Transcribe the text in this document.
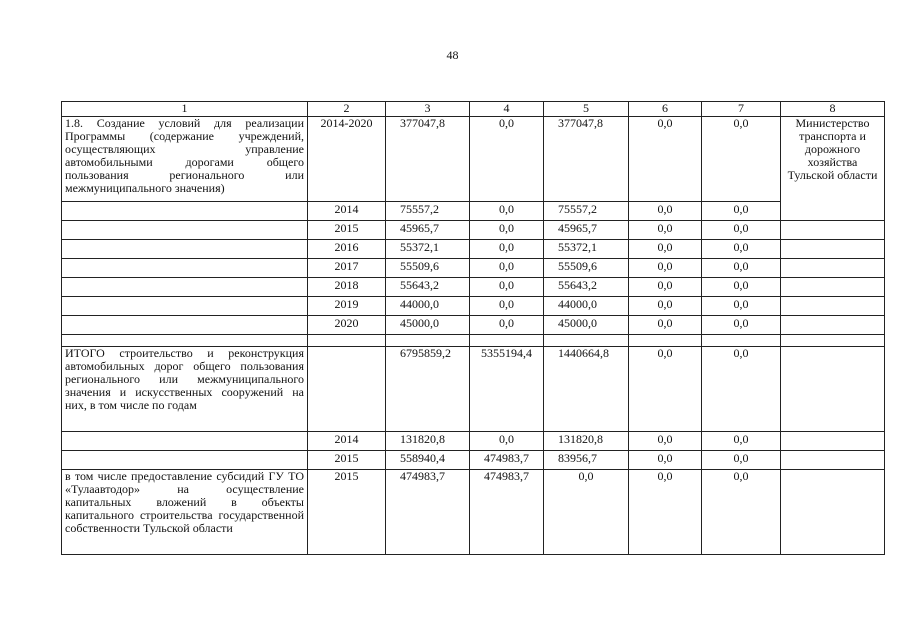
48
1	2	3	4	5	6	7	8
1.8. Создание условий для реализации Программы (содержание учреждений, осуществляющих управление автомобильными дорогами общего пользования регионального или межмуниципального значения)	2014-2020	377047,8	0,0	377047,8	0,0	0,0	Министерство транспорта и дорожного хозяйства Тульской области
	2014	75557,2	0,0	75557,2	0,0	0,0	
	2015	45965,7	0,0	45965,7	0,0	0,0	
	2016	55372,1	0,0	55372,1	0,0	0,0	
	2017	55509,6	0,0	55509,6	0,0	0,0	
	2018	55643,2	0,0	55643,2	0,0	0,0	
	2019	44000,0	0,0	44000,0	0,0	0,0	
	2020	45000,0	0,0	45000,0	0,0	0,0	

ИТОГО строительство и реконструкция автомобильных дорог общего пользования регионального или межмуниципального значения и искусственных сооружений на них, в том числе по годам		6795859,2	5355194,4	1440664,8	0,0	0,0	
	2014	131820,8	0,0	131820,8	0,0	0,0	
	2015	558940,4	474983,7	83956,7	0,0	0,0	
в том числе предоставление субсидий ГУ ТО «Тулаавтодор» на осуществление капитальных вложений в объекты капитального строительства государственной собственности Тульской области	2015	474983,7	474983,7	0,0	0,0	0,0	
